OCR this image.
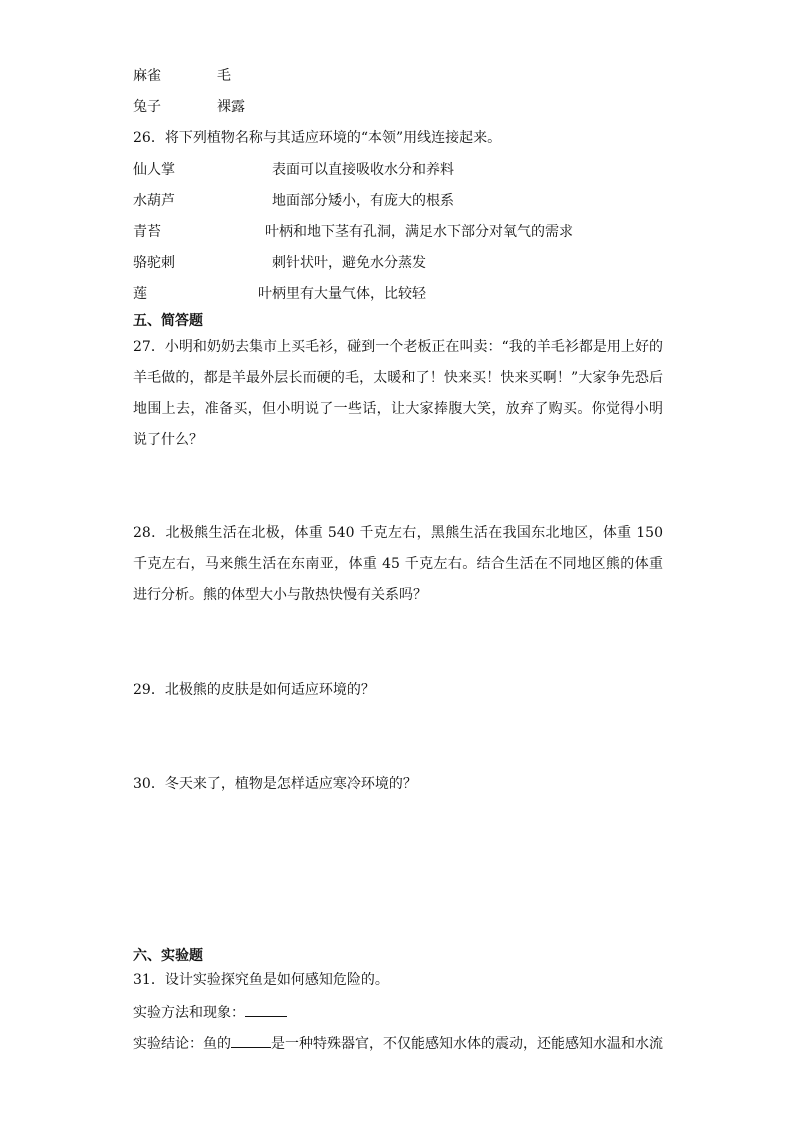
麻雀	毛
兔子	裸露
26．将下列植物名称与其适应环境的“本领”用线连接起来。
仙人掌	表面可以直接吸收水分和养料
水葫芦	地面部分矮小，有庞大的根系
青苔	叶柄和地下茎有孔洞，满足水下部分对氧气的需求
骆驼刺	刺针状叶，避免水分蒸发
莲	叶柄里有大量气体，比较轻
五、简答题
27．小明和奶奶去集市上买毛衫，碰到一个老板正在叫卖：“我的羊毛衫都是用上好的羊毛做的，都是羊最外层长而硬的毛，太暖和了！快来买！快来买啊！”大家争先恐后地围上去，准备买，但小明说了一些话，让大家捧腹大笑，放弃了购买。你觉得小明说了什么？
28．北极熊生活在北极，体重 540 千克左右，黑熊生活在我国东北地区，体重 150 千克左右，马来熊生活在东南亚，体重 45 千克左右。结合生活在不同地区熊的体重进行分析。熊的体型大小与散热快慢有关系吗？
29．北极熊的皮肤是如何适应环境的？
30．冬天来了，植物是怎样适应寒冷环境的？
六、实验题
31．设计实验探究鱼是如何感知危险的。
实验方法和现象：
实验结论：鱼的	是一种特殊器官，不仅能感知水体的震动，还能感知水温和水流
